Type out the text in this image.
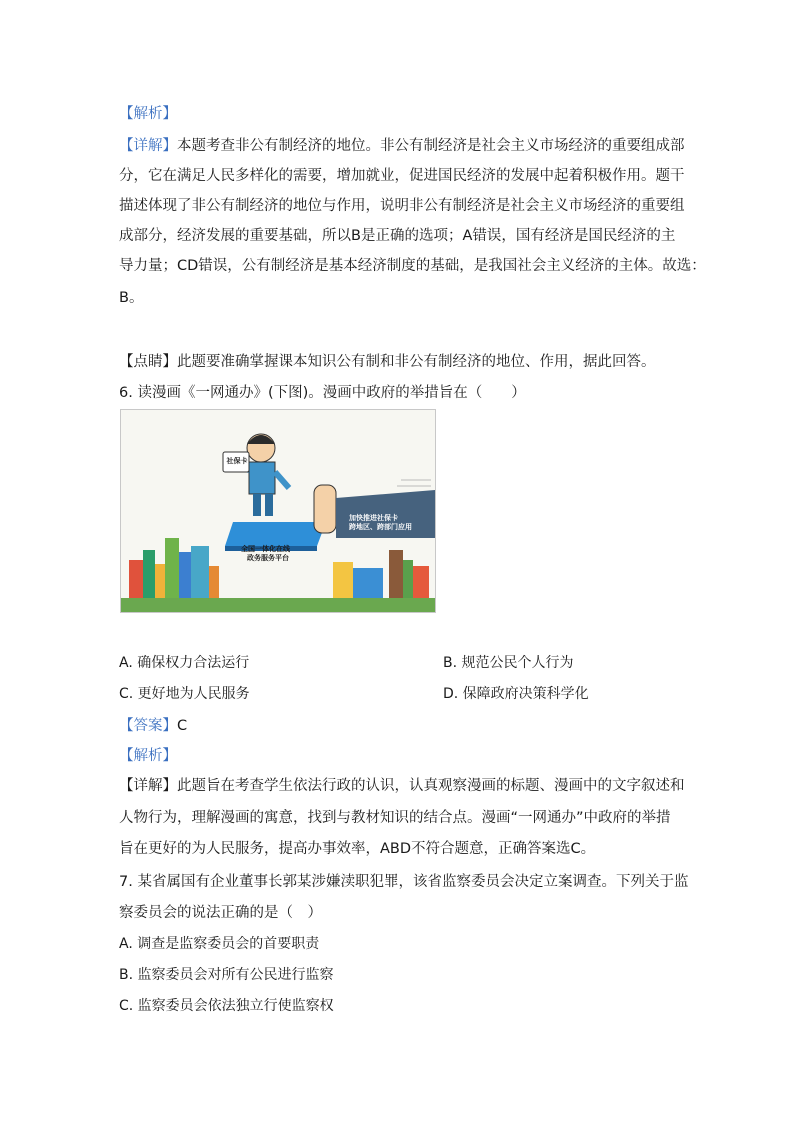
【解析】
【详解】本题考查非公有制经济的地位。非公有制经济是社会主义市场经济的重要组成部
分，它在满足人民多样化的需要，增加就业，促进国民经济的发展中起着积极作用。题干
描述体现了非公有制经济的地位与作用，说明非公有制经济是社会主义市场经济的重要组
成部分，经济发展的重要基础，所以B是正确的选项；A错误，国有经济是国民经济的主
导力量；CD错误，公有制经济是基本经济制度的基础，是我国社会主义经济的主体。故选：
B。
【点睛】此题要准确掌握课本知识公有制和非公有制经济的地位、作用，据此回答。
6. 读漫画《一网通办》(下图)。漫画中政府的举措旨在（　　）
社保卡
全国一体化在线
政务服务平台
加快推进社保卡
跨地区、跨部门应用
A. 确保权力合法运行	B. 规范公民个人行为
C. 更好地为人民服务	D. 保障政府决策科学化
【答案】C
【解析】
【详解】此题旨在考查学生依法行政的认识，认真观察漫画的标题、漫画中的文字叙述和
人物行为，理解漫画的寓意，找到与教材知识的结合点。漫画“一网通办”中政府的举措
旨在更好的为人民服务，提高办事效率，ABD不符合题意，正确答案选C。
7. 某省属国有企业董事长郭某涉嫌渎职犯罪，该省监察委员会决定立案调查。下列关于监
察委员会的说法正确的是（　）
A. 调查是监察委员会的首要职责
B. 监察委员会对所有公民进行监察
C. 监察委员会依法独立行使监察权
